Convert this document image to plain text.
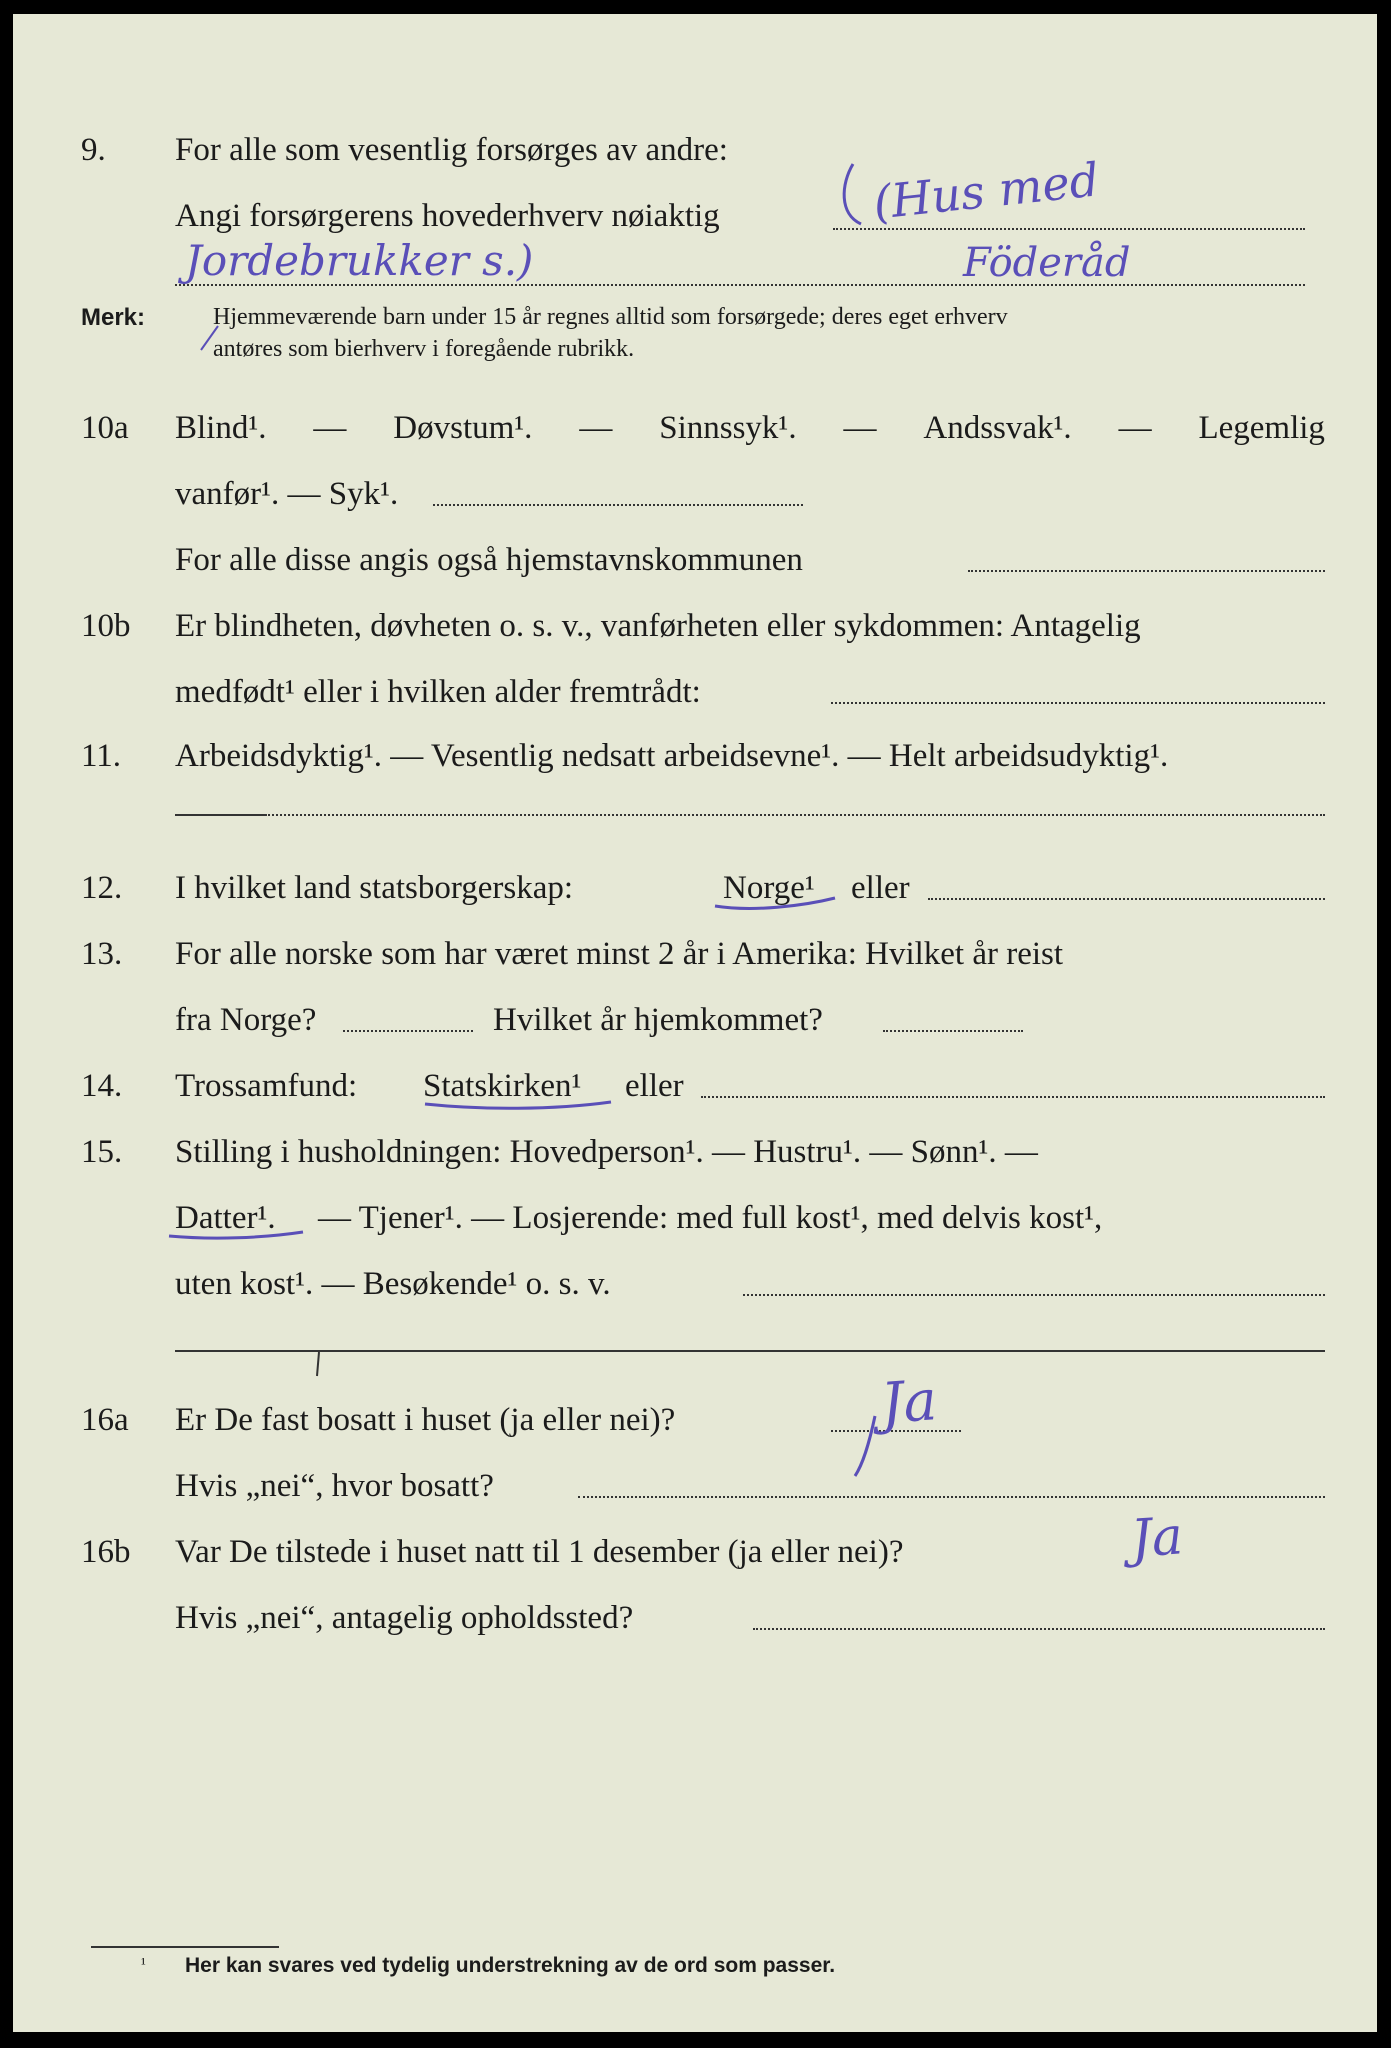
9. For alle som vesentlig forsørges av andre:
(Hus med
Angi forsørgerens hovederhverv nøiaktig
Jordebrukker s.)	Föderåd
Merk:	Hjemmeværende barn under 15 år regnes alltid som forsørgede; deres eget erhverv
antøres som bierhverv i foregående rubrikk.
10a Blind¹. — Døvstum¹. — Sinnssyk¹. — Andssvak¹. — Legemlig
vanfør¹. — Syk¹.
For alle disse angis også hjemstavnskommunen
10b Er blindheten, døvheten o. s. v., vanførheten eller sykdommen: Antagelig
medfødt¹ eller i hvilken alder fremtrådt:
11. Arbeidsdyktig¹. — Vesentlig nedsatt arbeidsevne¹. — Helt arbeidsudyktig¹.
12. I hvilket land statsborgerskap:	Norge¹ eller
13. For alle norske som har været minst 2 år i Amerika: Hvilket år reist
fra Norge?	Hvilket år hjemkommet?
14. Trossamfund: Statskirken¹ eller
15. Stilling i husholdningen: Hovedperson¹. — Hustru¹. — Sønn¹. —
Datter¹. — Tjener¹. — Losjerende: med full kost¹, med delvis kost¹,
uten kost¹. — Besøkende¹ o. s. v.
16a Er De fast bosatt i huset (ja eller nei)?	Ja
Hvis „nei“, hvor bosatt?
16b Var De tilstede i huset natt til 1 desember (ja eller nei)?	Ja
Hvis „nei“, antagelig opholdssted?
¹ Her kan svares ved tydelig understrekning av de ord som passer.
